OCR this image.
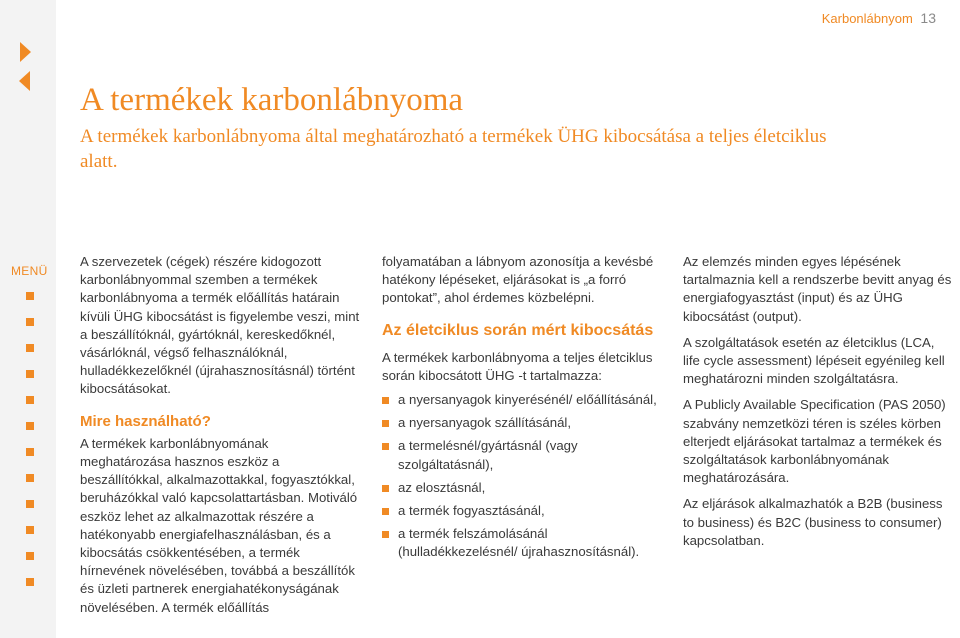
MENÜ
Karbonlábnyom 13
A termékek karbonlábnyoma

A termékek karbonlábnyoma által meghatározható a termékek ÜHG kibocsátása a teljes életciklus alatt.

A szervezetek (cégek) részére kidogozott karbonlábnyommal szemben a termékek karbonlábnyoma a termék előállítás határain kívüli ÜHG kibocsátást is figyelembe veszi, mint a beszállítóknál, gyártóknál, kereskedőknél, vásárlóknál, végső felhasználóknál, hulladékkezelőknél (újrahasznosításnál) történt kibocsátásokat.

Mire használható?

A termékek karbonlábnyomának meghatározása hasznos eszköz a beszállítókkal, alkalmazottakkal, fogyasztókkal, beruházókkal való kapcsolattartásban. Motiváló eszköz lehet az alkalmazottak részére a hatékonyabb energiafelhasználásban, és a kibocsátás csökkentésében, a termék hírnevének növelésében, továbbá a beszállítók és üzleti partnerek energiahatékonyságának növelésében. A termék előállítás

folyamatában a lábnyom azonosítja a kevésbé hatékony lépéseket, eljárásokat is „a forró pontokat”, ahol érdemes közbelépni.

Az életciklus során mért kibocsátás

A termékek karbonlábnyoma a teljes életciklus során kibocsátott ÜHG -t tartalmazza:

a nyersanyagok kinyerésénél/ előállításánál,
a nyersanyagok szállításánál,
a termelésnél/gyártásnál (vagy szolgáltatásnál),
az elosztásnál,
a termék fogyasztásánál,
a termék felszámolásánál (hulladékkezelésnél/ újrahasznosításnál).

Az elemzés minden egyes lépésének tartalmaznia kell a rendszerbe bevitt anyag és energiafogyasztást (input) és az ÜHG kibocsátást (output).

A szolgáltatások esetén az életciklus (LCA, life cycle assessment) lépéseit egyénileg kell meghatározni minden szolgáltatásra.

A Publicly Available Specification (PAS 2050) szabvány nemzetközi téren is széles körben elterjedt eljárásokat tartalmaz a termékek és szolgáltatások karbonlábnyomának meghatározására.

Az eljárások alkalmazhatók a B2B (business to business) és B2C (business to consumer) kapcsolatban.
